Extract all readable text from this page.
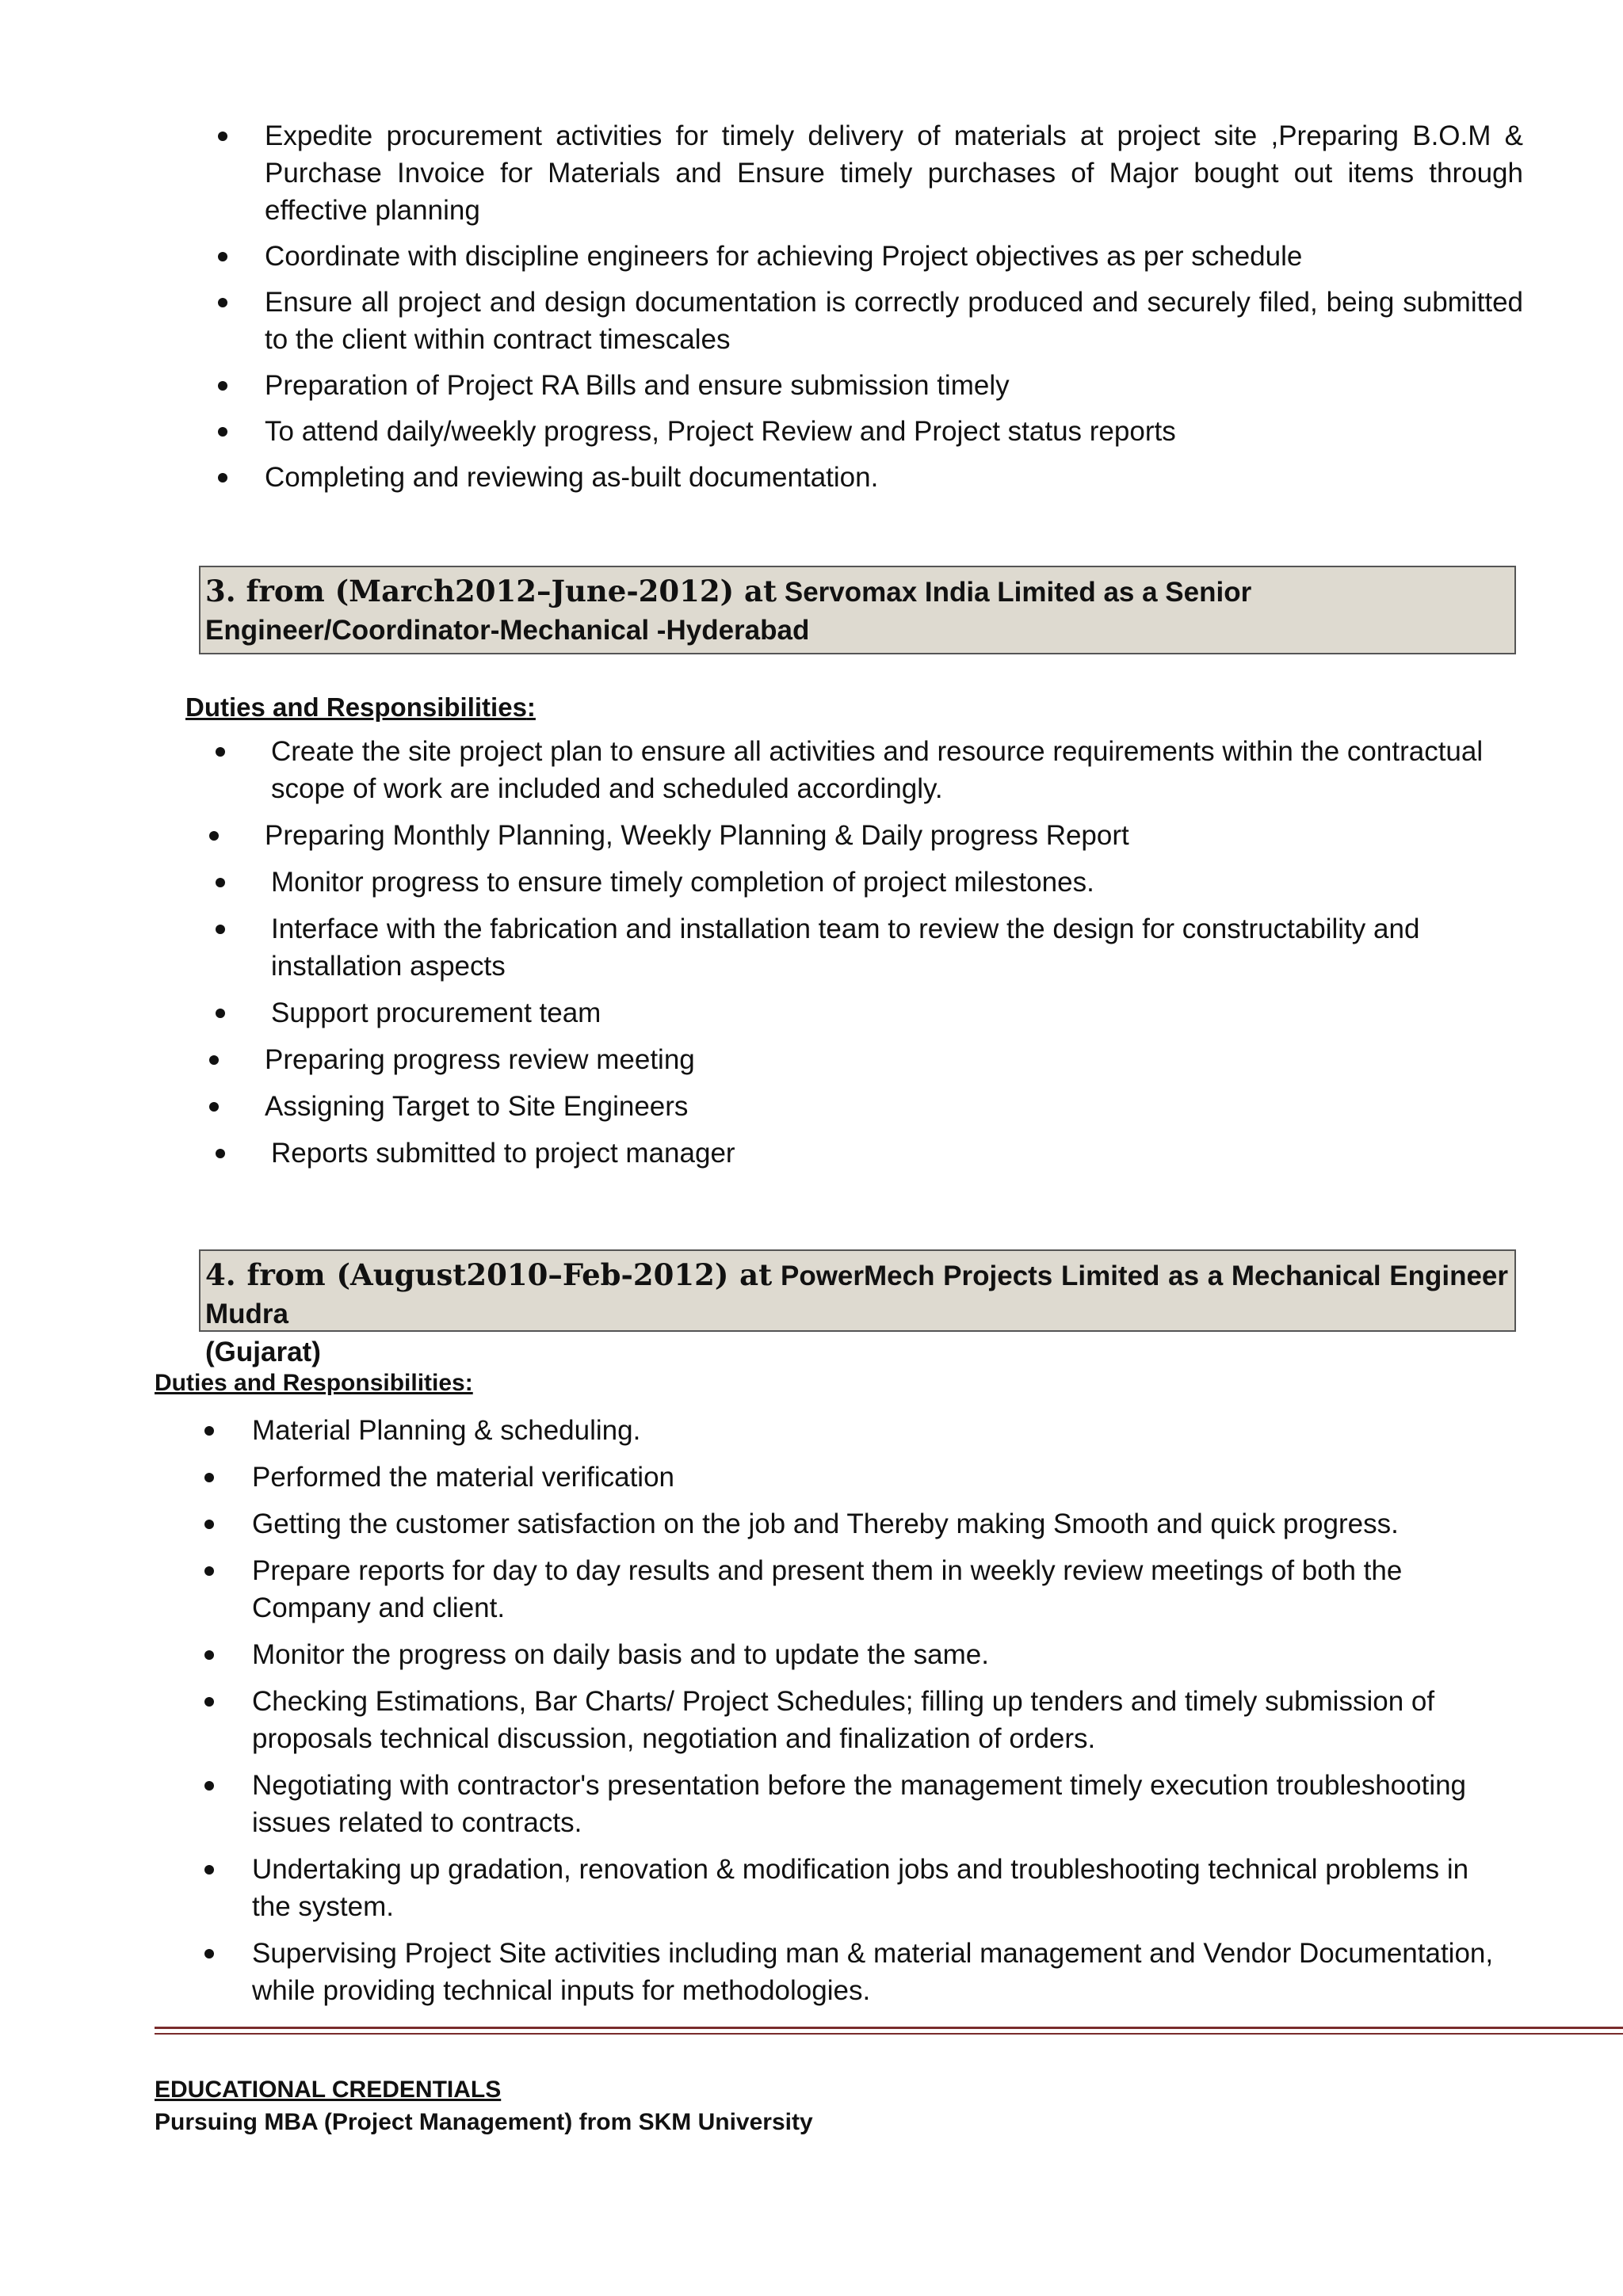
Expedite procurement activities for timely delivery of materials at project site ,Preparing B.O.M & Purchase Invoice for Materials and Ensure timely purchases of Major bought out items through effective planning
Coordinate with discipline engineers for achieving Project objectives as per schedule
Ensure all project and design documentation is correctly produced and securely filed, being submitted to the client within contract timescales
Preparation of Project RA Bills and ensure submission timely
To attend daily/weekly progress, Project Review and Project status reports
Completing and reviewing as-built documentation.
3. from (March2012–June-2012) at Servomax India Limited as a Senior Engineer/Coordinator-Mechanical -Hyderabad
Duties and Responsibilities:
Create the site project plan to ensure all activities and resource requirements within the contractual scope of work are included and scheduled accordingly.
Preparing Monthly Planning, Weekly Planning & Daily progress Report
Monitor progress to ensure timely completion of project milestones.
Interface with the fabrication and installation team to review the design for constructability and installation aspects
Support procurement team
Preparing progress review meeting
Assigning Target to Site Engineers
Reports submitted to project manager
4. from (August2010–Feb-2012) at PowerMech Projects Limited as a Mechanical Engineer Mudra
(Gujarat)
Duties and Responsibilities:
Material Planning & scheduling.
Performed the material verification
Getting the customer satisfaction on the job and Thereby making Smooth and quick progress.
Prepare reports for day to day results and present them in weekly review meetings of both the Company and client.
Monitor the progress on daily basis and to update the same.
Checking Estimations, Bar Charts/ Project Schedules; filling up tenders and timely submission of proposals technical discussion, negotiation and finalization of orders.
Negotiating with contractor's presentation before the management timely execution troubleshooting issues related to contracts.
Undertaking up gradation, renovation & modification jobs and troubleshooting technical problems in the system.
Supervising Project Site activities including man & material management and Vendor Documentation, while providing technical inputs for methodologies.
EDUCATIONAL CREDENTIALS
Pursuing MBA (Project Management) from SKM University
